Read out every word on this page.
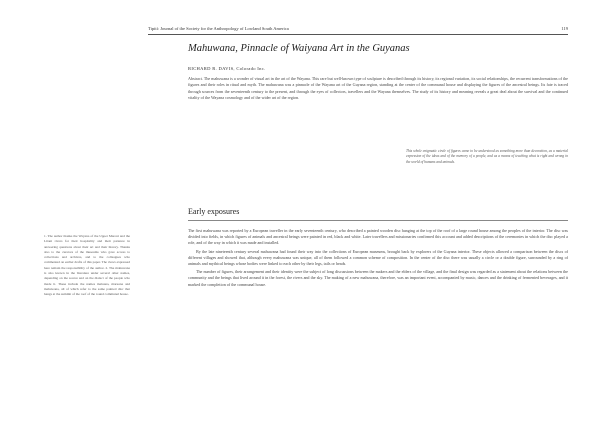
Tipití: Journal of the Society for the Anthropology of Lowland South America	119
Mahuwana, Pinnacle of Waiyana Art in the Guyanas
RICHARD R. DAVIS, Colorado Inc.
Abstract. The mahuwana is a wonder of visual art in the art of the Wayana. This rare but well-known type of sculpture is described through its history, its regional variation, its social relationships, the recurrent transformations of the figures and their roles in ritual and myth. The mahuwana was a pinnacle of the Wayana art of the Guyana region, standing at the center of the communal house and displaying the figures of the ancestral beings. Its fate is traced through sources from the seventeenth century to the present, and through the eyes of collectors, travellers and the Wayana themselves. The study of its history and meaning reveals a great deal about the survival and the continued vitality of the Wayana cosmology and of the wider art of the region.
This whole enigmatic circle of figures came to be understood as something more than decoration, as a material expression of the ideas and of the memory of a people, and as a means of teaching what is right and wrong in the world of humans and animals.
Early exposures
1. The author thanks the Wayana of the Upper Maroni and the Litani rivers for their hospitality and their patience in answering questions about their art and their history. Thanks also to the curators of the museums who gave access to collections and archives, and to the colleagues who commented on earlier drafts of this paper. The views expressed here remain the responsibility of the author. 2. The mahuwana is also known in the literature under several other names, depending on the source and on the dialect of the people who made it. These include the names maluana, maruana and mahuwana, all of which refer to the same painted disc that hangs at the summit of the roof of the round communal house.

The first mahuwana was reported by a European traveller in the early seventeenth century, who described a painted wooden disc hanging at the top of the roof of a large round house among the peoples of the interior. The disc was divided into fields, in which figures of animals and ancestral beings were painted in red, black and white. Later travellers and missionaries confirmed this account and added descriptions of the ceremonies in which the disc played a role, and of the way in which it was made and installed.

By the late nineteenth century several mahuwana had found their way into the collections of European museums, brought back by explorers of the Guyana interior. These objects allowed a comparison between the discs of different villages and showed that, although every mahuwana was unique, all of them followed a common scheme of composition. In the center of the disc there was usually a circle or a double figure, surrounded by a ring of animals and mythical beings whose bodies were linked to each other by their legs, tails or heads.

The number of figures, their arrangement and their identity were the subject of long discussions between the makers and the elders of the village, and the final design was regarded as a statement about the relations between the community and the beings that lived around it in the forest, the rivers and the sky. The making of a new mahuwana, therefore, was an important event, accompanied by music, dances and the drinking of fermented beverages, and it marked the completion of the communal house.
